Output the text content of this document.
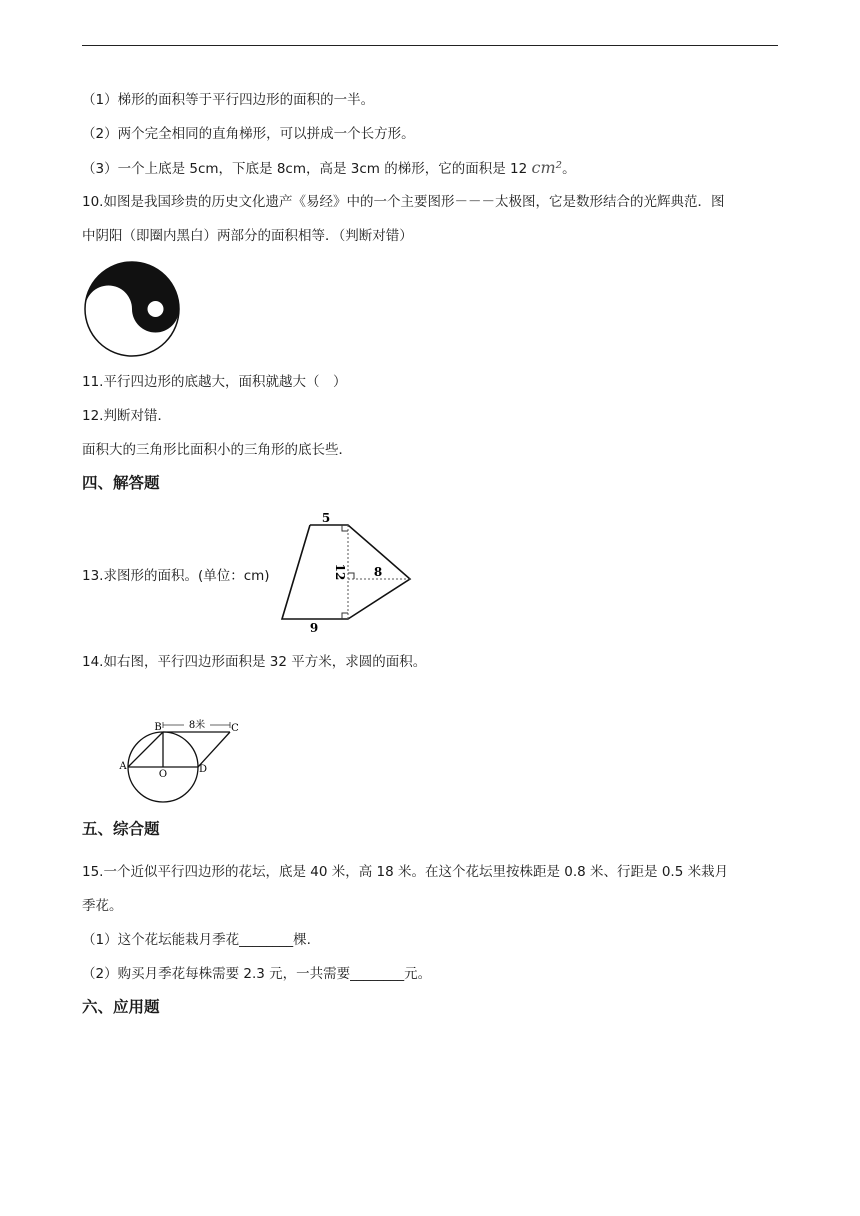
（1）梯形的面积等于平行四边形的面积的一半。
（2）两个完全相同的直角梯形，可以拼成一个长方形。
（3）一个上底是 5cm，下底是 8cm，高是 3cm 的梯形，它的面积是 12 cm²。
10.如图是我国珍贵的历史文化遗产《易经》中的一个主要图形－－－太极图，它是数形结合的光辉典范．图
中阴阳（即圈内黑白）两部分的面积相等．（判断对错）
11.平行四边形的底越大，面积就越大（　）
12.判断对错．
面积大的三角形比面积小的三角形的底长些．
四、解答题
13.求图形的面积。(单位：cm)
5
12 8
9
14.如右图，平行四边形面积是 32 平方米，求圆的面积。
8米
B	C
A
O	D
五、综合题
15.一个近似平行四边形的花坛，底是 40 米，高 18 米。在这个花坛里按株距是 0.8 米、行距是 0.5 米栽月
季花。
（1）这个花坛能栽月季花________棵.
（2）购买月季花每株需要 2.3 元，一共需要________元。
六、应用题
